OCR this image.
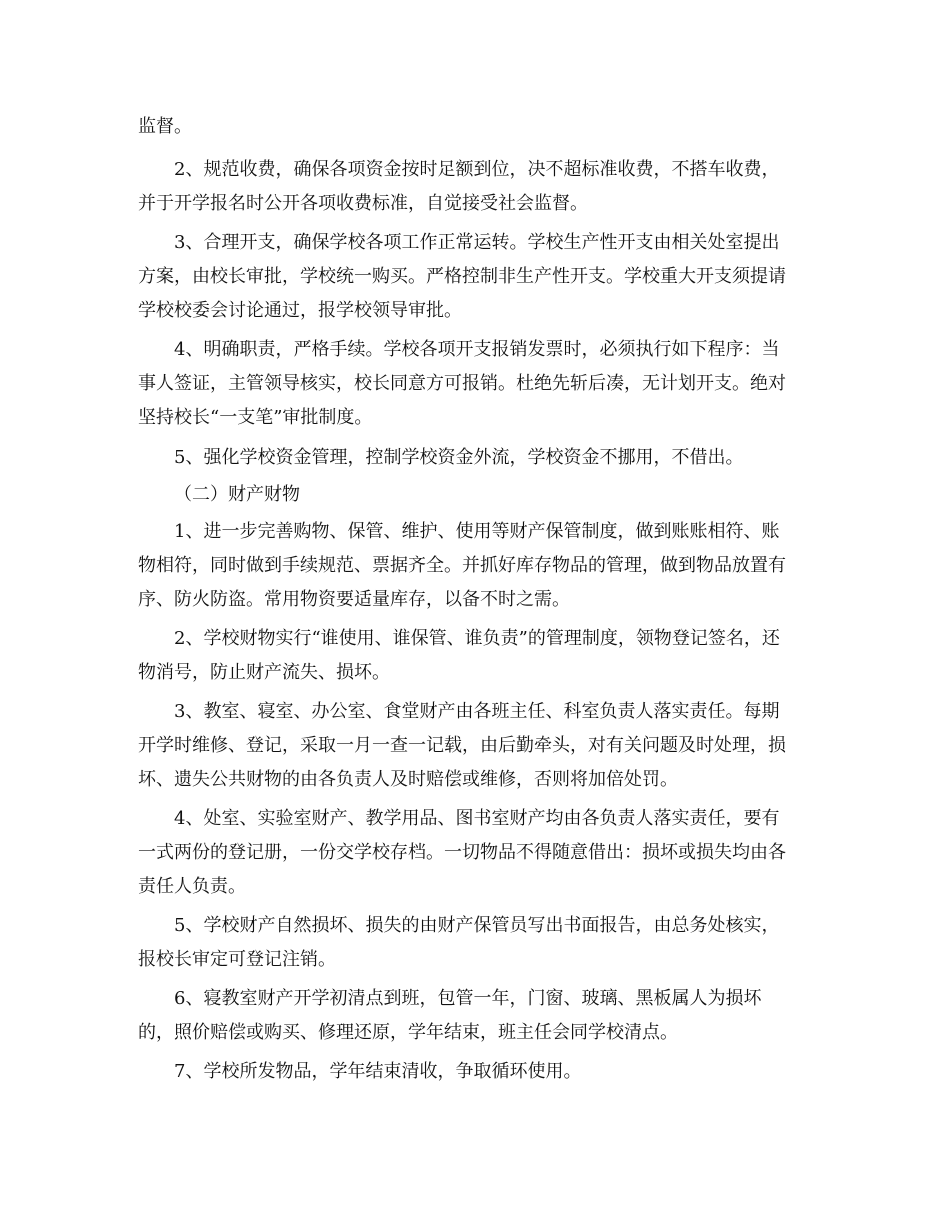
监督。

2、规范收费，确保各项资金按时足额到位，决不超标准收费，不搭车收费，

并于开学报名时公开各项收费标准，自觉接受社会监督。

3、合理开支，确保学校各项工作正常运转。学校生产性开支由相关处室提出

方案，由校长审批，学校统一购买。严格控制非生产性开支。学校重大开支须提请

学校校委会讨论通过，报学校领导审批。

4、明确职责，严格手续。学校各项开支报销发票时，必须执行如下程序：当

事人签证，主管领导核实，校长同意方可报销。杜绝先斩后凑，无计划开支。绝对

坚持校长“一支笔”审批制度。

5、强化学校资金管理，控制学校资金外流，学校资金不挪用，不借出。

（二）财产财物

1、进一步完善购物、保管、维护、使用等财产保管制度，做到账账相符、账

物相符，同时做到手续规范、票据齐全。并抓好库存物品的管理，做到物品放置有

序、防火防盗。常用物资要适量库存，以备不时之需。

2、学校财物实行“谁使用、谁保管、谁负责”的管理制度，领物登记签名，还

物消号，防止财产流失、损坏。

3、教室、寝室、办公室、食堂财产由各班主任、科室负责人落实责任。每期

开学时维修、登记，采取一月一查一记载，由后勤牵头，对有关问题及时处理，损

坏、遗失公共财物的由各负责人及时赔偿或维修，否则将加倍处罚。

4、处室、实验室财产、教学用品、图书室财产均由各负责人落实责任，要有

一式两份的登记册，一份交学校存档。一切物品不得随意借出：损坏或损失均由各

责任人负责。

5、学校财产自然损坏、损失的由财产保管员写出书面报告，由总务处核实，

报校长审定可登记注销。

6、寝教室财产开学初清点到班，包管一年，门窗、玻璃、黑板属人为损坏

的，照价赔偿或购买、修理还原，学年结束，班主任会同学校清点。

7、学校所发物品，学年结束清收，争取循环使用。
